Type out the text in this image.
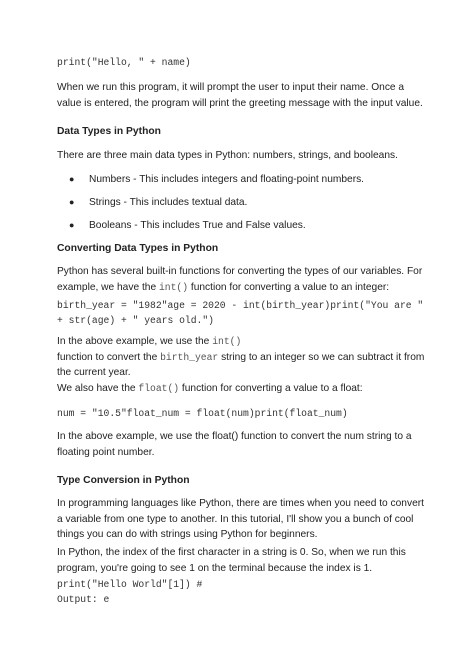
print("Hello, " + name)

When we run this program, it will prompt the user to input their name. Once a value is entered, the program will print the greeting message with the input value.

Data Types in Python

There are three main data types in Python: numbers, strings, and booleans.

● Numbers - This includes integers and floating-point numbers.
● Strings - This includes textual data.
● Booleans - This includes True and False values.
Converting Data Types in Python

Python has several built-in functions for converting the types of our variables. For example, we have the int() function for converting a value to an integer:

birth_year = "1982"age = 2020 - int(birth_year)print("You are "
+ str(age) + " years old.")

In the above example, we use the int()
function to convert the birth_year string to an integer so we can subtract it from the current year.

We also have the float() function for converting a value to a float:

num = "10.5"float_num = float(num)print(float_num)

In the above example, we use the float() function to convert the num string to a floating point number.

Type Conversion in Python

In programming languages like Python, there are times when you need to convert a variable from one type to another. In this tutorial, I'll show you a bunch of cool things you can do with strings using Python for beginners.

In Python, the index of the first character in a string is 0. So, when we run this program, you're going to see 1 on the terminal because the index is 1.

print("Hello World"[1]) #
Output: e
